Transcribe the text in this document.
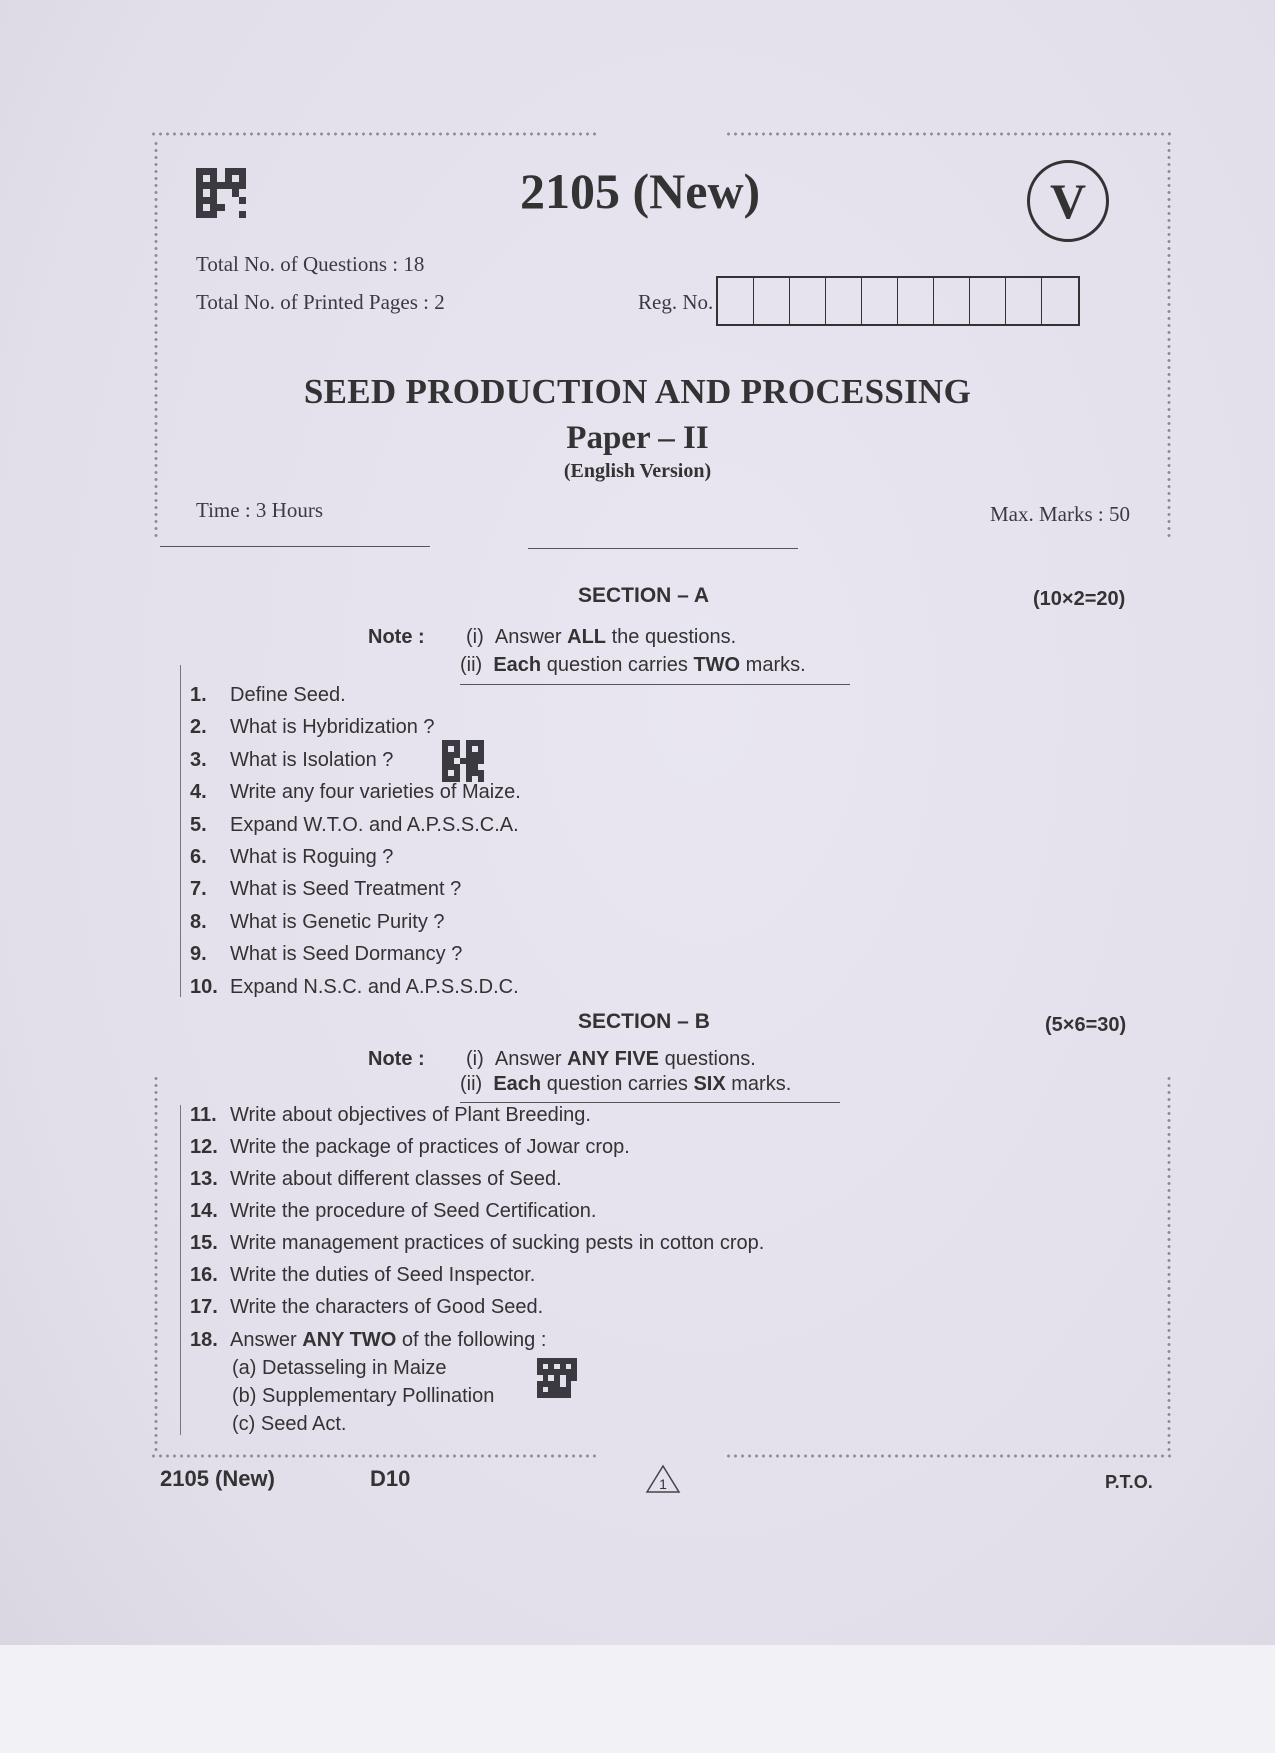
2105 (New)	V
Total No. of Questions : 18
Total No. of Printed Pages : 2	Reg. No.
SEED PRODUCTION AND PROCESSING
Paper – II
(English Version)
Time : 3 Hours	Max. Marks : 50
SECTION – A	(10×2=20)
Note : (i) Answer ALL the questions.
(ii) Each question carries TWO marks.
1. Define Seed.
2. What is Hybridization ?
3. What is Isolation ?
4. Write any four varieties of Maize.
5. Expand W.T.O. and A.P.S.S.C.A.
6. What is Roguing ?
7. What is Seed Treatment ?
8. What is Genetic Purity ?
9. What is Seed Dormancy ?
10. Expand N.S.C. and A.P.S.S.D.C.
SECTION – B	(5×6=30)
Note : (i) Answer ANY FIVE questions.
(ii) Each question carries SIX marks.
11. Write about objectives of Plant Breeding.
12. Write the package of practices of Jowar crop.
13. Write about different classes of Seed.
14. Write the procedure of Seed Certification.
15. Write management practices of sucking pests in cotton crop.
16. Write the duties of Seed Inspector.
17. Write the characters of Good Seed.
18. Answer ANY TWO of the following :
(a) Detasseling in Maize
(b) Supplementary Pollination
(c) Seed Act.
2105 (New)	D10	1	P.T.O.
